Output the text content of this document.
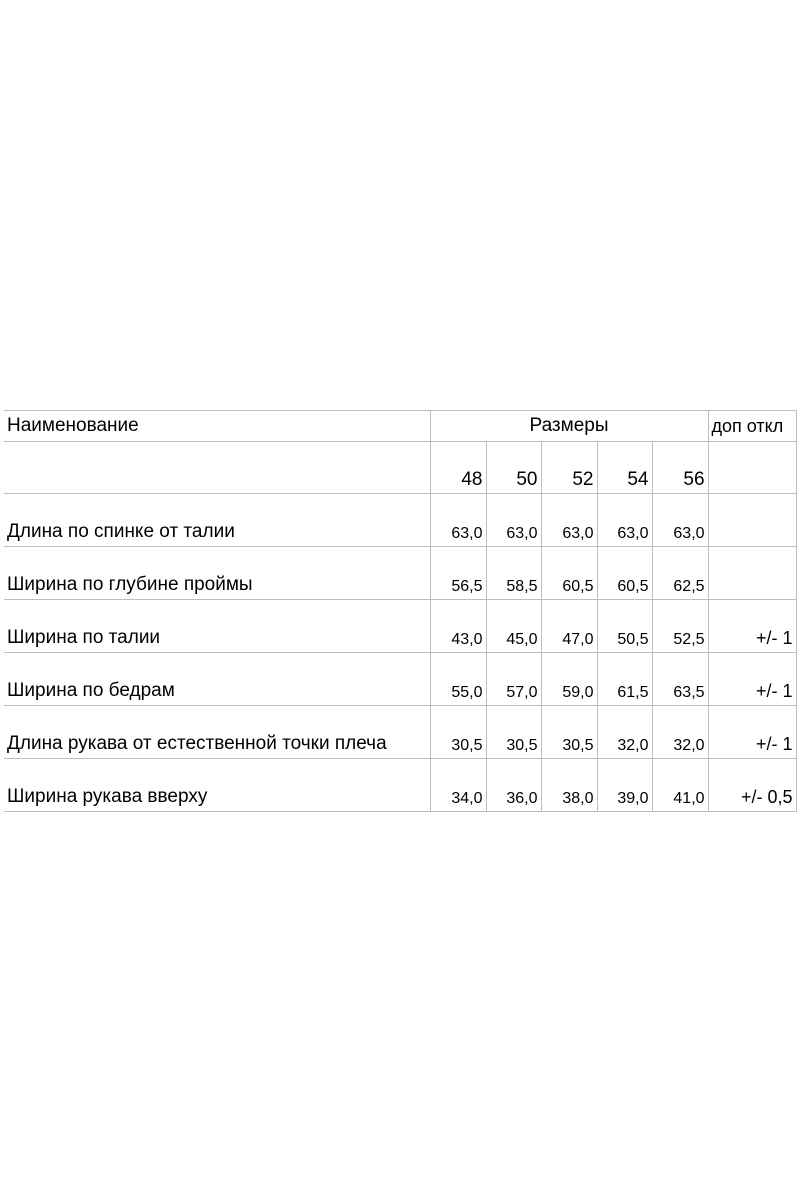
Наименование	Размеры					доп откл
	48	50	52	54	56	
Длина по спинке от талии	63,0	63,0	63,0	63,0	63,0	
Ширина по глубине проймы	56,5	58,5	60,5	60,5	62,5	
Ширина по талии	43,0	45,0	47,0	50,5	52,5	+/- 1
Ширина по бедрам	55,0	57,0	59,0	61,5	63,5	+/- 1
Длина рукава от естественной точки плеча	30,5	30,5	30,5	32,0	32,0	+/- 1
Ширина рукава вверху	34,0	36,0	38,0	39,0	41,0	+/- 0,5
